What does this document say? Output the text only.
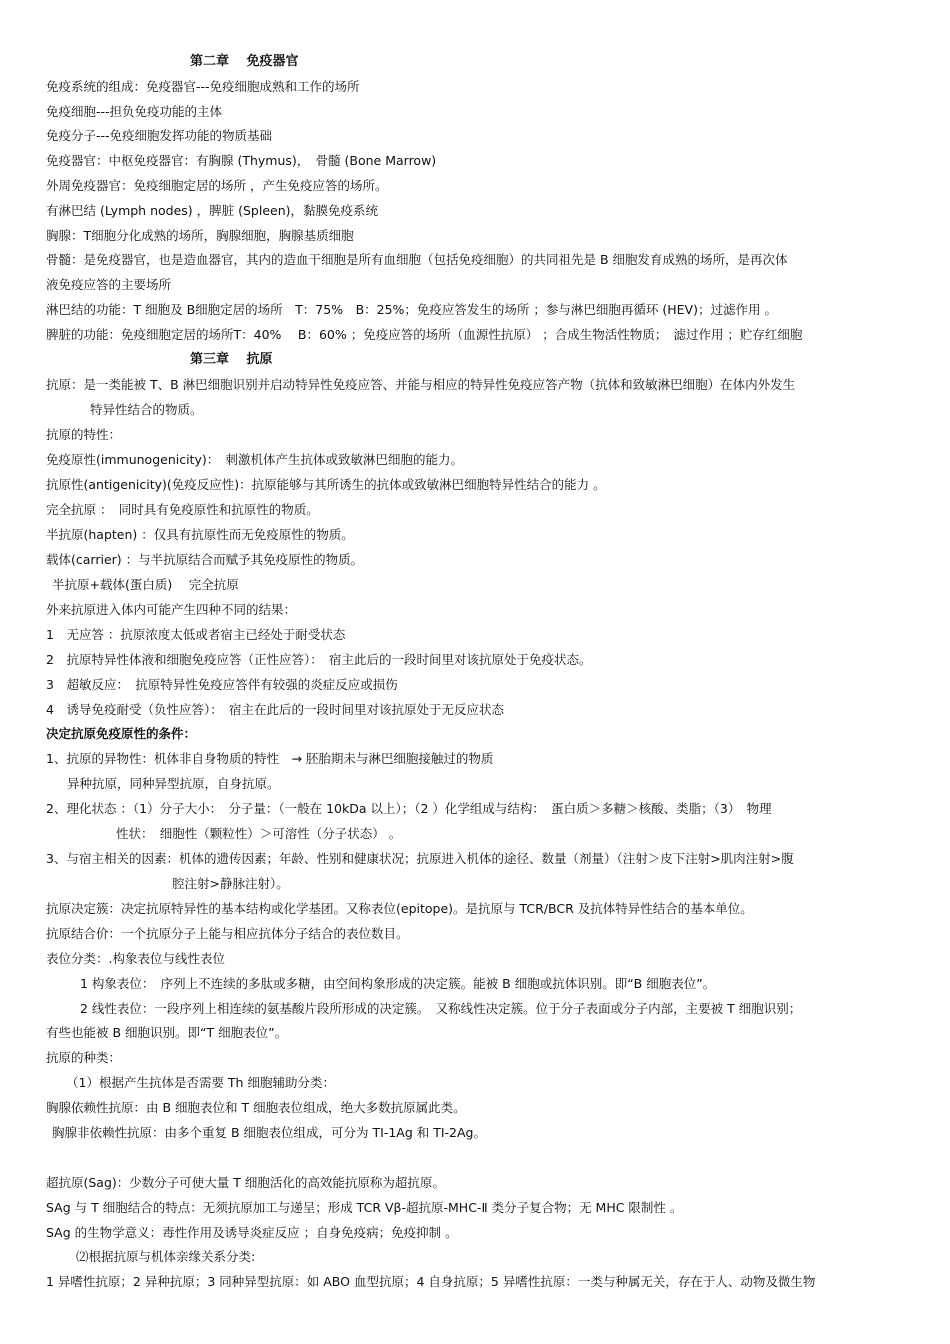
第二章　 免疫器官
免疫系统的组成：免疫器官---免疫细胞成熟和工作的场所
免疫细胞---担负免疫功能的主体
免疫分子---免疫细胞发挥功能的物质基础
免疫器官：中枢免疫器官：有胸腺 (Thymus)，　骨髓 (Bone Marrow)
外周免疫器官：免疫细胞定居的场所 ，产生免疫应答的场所。
有淋巴结 (Lymph nodes) ，脾脏 (Spleen)，黏膜免疫系统
胸腺：T细胞分化成熟的场所，胸腺细胞，胸腺基质细胞
骨髓：是免疫器官，也是造血器官，其内的造血干细胞是所有血细胞（包括免疫细胞）的共同祖先是 B 细胞发育成熟的场所，是再次体
液免疫应答的主要场所
淋巴结的功能：T 细胞及 B细胞定居的场所　T：75%　B：25%；免疫应答发生的场所 ；参与淋巴细胞再循环 (HEV)；过滤作用 。
脾脏的功能：免疫细胞定居的场所T：40%　 B：60% ；免疫应答的场所（血源性抗原） ；合成生物活性物质；　滤过作用 ；贮存红细胞
第三章　 抗原
抗原：是一类能被 T、B 淋巴细胞识别并启动特异性免疫应答、并能与相应的特异性免疫应答产物（抗体和致敏淋巴细胞）在体内外发生
特异性结合的物质。
抗原的特性：
免疫原性(immunogenicity)：　刺激机体产生抗体或致敏淋巴细胞的能力。
抗原性(antigenicity)(免疫反应性)：抗原能够与其所诱生的抗体或致敏淋巴细胞特异性结合的能力 。
完全抗原 ：　同时具有免疫原性和抗原性的物质。
半抗原(hapten) ：仅具有抗原性而无免疫原性的物质。
载体(carrier) ：与半抗原结合而赋予其免疫原性的物质。
半抗原+载体(蛋白质)　 完全抗原
外来抗原进入体内可能产生四种不同的结果：
1　无应答 ：抗原浓度太低或者宿主已经处于耐受状态
2　抗原特异性体液和细胞免疫应答（正性应答）：　宿主此后的一段时间里对该抗原处于免疫状态。
3　超敏反应：　抗原特异性免疫应答伴有较强的炎症反应或损伤
4　诱导免疫耐受（负性应答）：　宿主在此后的一段时间里对该抗原处于无反应状态
决定抗原免疫原性的条件：
1、抗原的异物性：机体非自身物质的特性　→ 胚胎期未与淋巴细胞接触过的物质
异种抗原，同种异型抗原，自身抗原。
2、理化状态 ：（1）分子大小：　分子量：（一般在 10kDa 以上）；（2 ）化学组成与结构：　蛋白质＞多糖＞核酸、类脂；（3）　物理
性状：　细胞性（颗粒性）＞可溶性（分子状态） 。
3、与宿主相关的因素：机体的遗传因素；年龄、性别和健康状况；抗原进入机体的途径、数量（剂量）（注射＞皮下注射>肌肉注射>腹
腔注射>静脉注射）。
抗原决定簇：决定抗原特异性的基本结构或化学基团。又称表位(epitope)。是抗原与 TCR/BCR 及抗体特异性结合的基本单位。
抗原结合价：一个抗原分子上能与相应抗体分子结合的表位数目。
表位分类：.构象表位与线性表位
1 构象表位：　序列上不连续的多肽或多糖，由空间构象形成的决定簇。能被 B 细胞或抗体识别。即“B 细胞表位”。
2 线性表位：一段序列上相连续的氨基酸片段所形成的决定簇。　又称线性决定簇。位于分子表面或分子内部，主要被 T 细胞识别；
有些也能被 B 细胞识别。即“T 细胞表位”。
抗原的种类：
（1）根据产生抗体是否需要 Th 细胞辅助分类：
胸腺依赖性抗原：由 B 细胞表位和 T 细胞表位组成，绝大多数抗原属此类。
胸腺非依赖性抗原：由多个重复 B 细胞表位组成，可分为 TI-1Ag 和 TI-2Ag。
超抗原(Sag)：少数分子可使大量 T 细胞活化的高效能抗原称为超抗原。
SAg 与 T 细胞结合的特点：无须抗原加工与递呈；形成 TCR Vβ-超抗原-MHC-Ⅱ 类分子复合物；无 MHC 限制性 。
SAg 的生物学意义：毒性作用及诱导炎症反应 ；自身免疫病；免疫抑制 。
⑵根据抗原与机体亲缘关系分类:
1 异嗜性抗原；2 异种抗原；3 同种异型抗原：如 ABO 血型抗原；4 自身抗原；5 异嗜性抗原：一类与种属无关，存在于人、动物及微生物
